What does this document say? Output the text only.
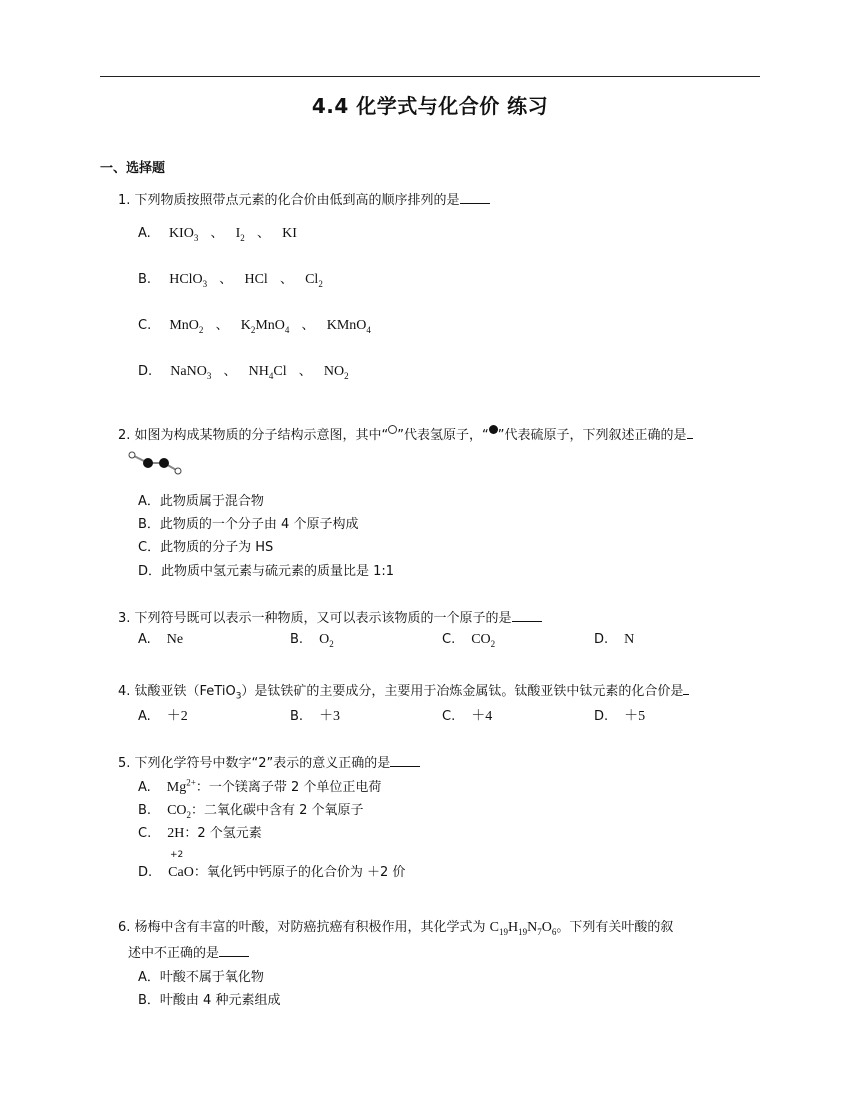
4.4 化学式与化合价 练习
一、选择题
1. 下列物质按照带点元素的化合价由低到高的顺序排列的是
A. $KIO_3$ 、 $I_2$ 、 KI
B. HClO$_3$ 、 HCl 、 $Cl_2$
C. MnO$_2$ 、 $K_2MnO_4$ 、 KMnO$_4$
D. NaNO$_3$ 、 $NH_4Cl$ 、 $NO_2$
2. 如图为构成某物质的分子结构示意图，其中“ ”代表氢原子，“ ”代表硫原子，下列叙述正确的是
A．此物质属于混合物
B．此物质的一个分子由 4 个原子构成
C．此物质的分子为 HS
D．此物质中氢元素与硫元素的质量比是 1:1
3. 下列符号既可以表示一种物质，又可以表示该物质的一个原子的是
A. Ne	B. $O_2$	C. $CO_2$	D. N
4. 钛酸亚铁（FeTiO$_3$）是钛铁矿的主要成分，主要用于冶炼金属钛。钛酸亚铁中钛元素的化合价是
A. ＋2	B. ＋3	C. ＋4	D. ＋5
5. 下列化学符号中数字“2”表示的意义正确的是
A. $Mg^{2+}$：一个镁离子带 2 个单位正电荷
B. $CO_2$：二氧化碳中含有 2 个氧原子
C. 2H：2 个氢元素
+2
D. CaO：氧化钙中钙原子的化合价为 ＋2 价
6. 杨梅中含有丰富的叶酸，对防癌抗癌有积极作用，其化学式为 $C_{19}H_{19}N_7O_6$。下列有关叶酸的叙
述中不正确的是
A．叶酸不属于氧化物
B．叶酸由 4 种元素组成
